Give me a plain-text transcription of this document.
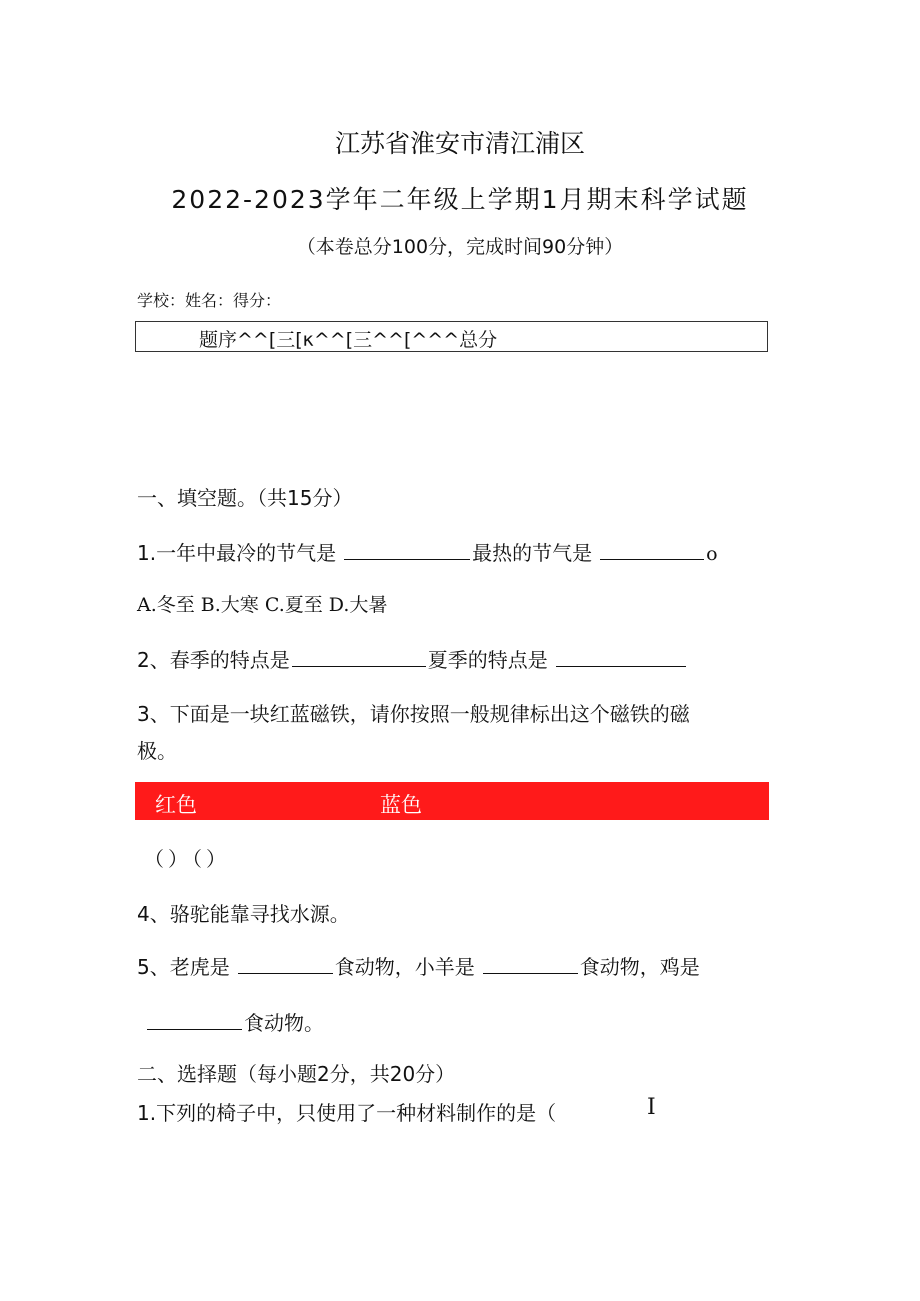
江苏省淮安市清江浦区
2022-2023学年二年级上学期1月期末科学试题
（本卷总分100分，完成时间90分钟）
学校：姓名：得分：
题序^^[三[κ^^[三^^[^^^总分
一、填空题。（共15分）
1.一年中最冷的节气是	最热的节气是	o
A.冬至 B.大寒 C.夏至 D.大暑
2、春季的特点是	夏季的特点是
3、下面是一块红蓝磁铁，请你按照一般规律标出这个磁铁的磁
极。
红色	蓝色
（）（）
4、骆驼能靠寻找水源。
5、老虎是	食动物，小羊是	食动物，鸡是
食动物。
二、选择题（每小题2分，共20分）
1.下列的椅子中，只使用了一种材料制作的是（	I
